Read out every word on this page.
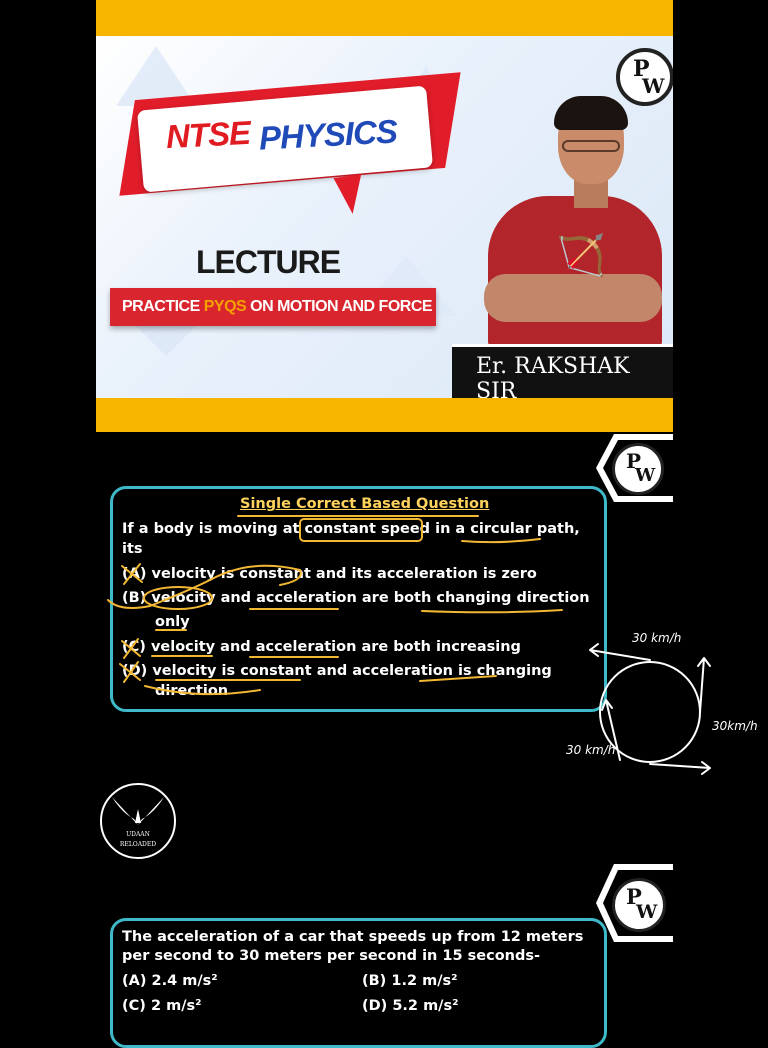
NTSE PHYSICS
LECTURE
PRACTICE PYQS ON MOTION AND FORCE
🏹
Er. RAKSHAK SIR
P
W
P
W
Single Correct Based Question
If a body is moving at constant speed in a circular path,
its
(A) velocity is constant and its acceleration is zero
(B) velocity and acceleration are both changing direction
only
(C) velocity and acceleration are both increasing
(D) velocity is constant and acceleration is changing
direction
30 km/h
30km/h
30 km/h
UDAAN
RELOADED
P
W
The acceleration of a car that speeds up from 12 meters
per second to 30 meters per second in 15 seconds-
(A) 2.4 m/s²	(B) 1.2 m/s²
(C) 2 m/s²	(D) 5.2 m/s²
